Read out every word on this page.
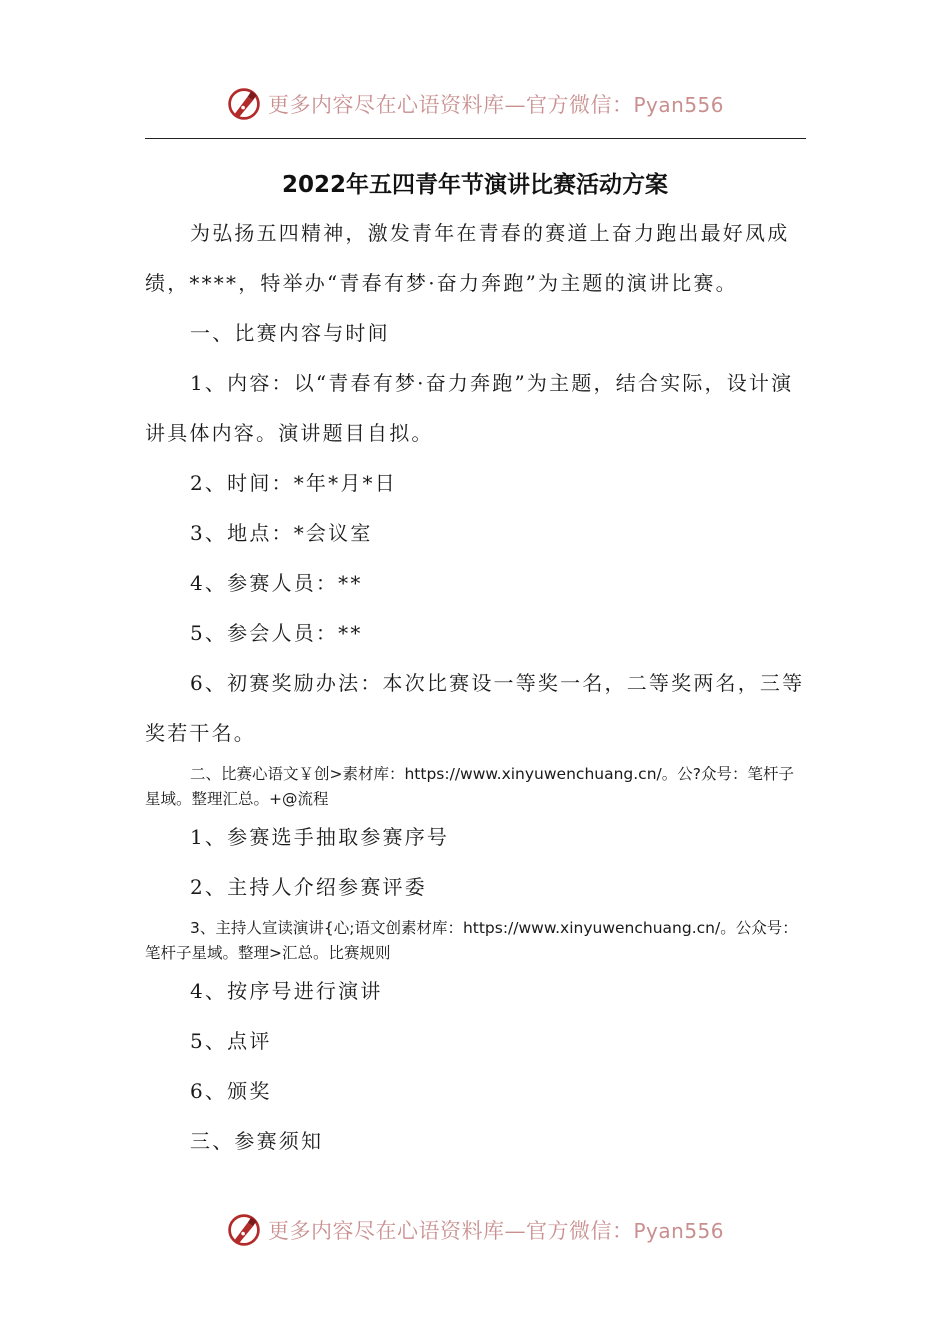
更多内容尽在心语资料库—官方微信：Pyan556
2022年五四青年节演讲比赛活动方案

为弘扬五四精神，激发青年在青春的赛道上奋力跑出最好凤成绩，****，特举办“青春有梦·奋力奔跑”为主题的演讲比赛。

一、比赛内容与时间

1、内容：以“青春有梦·奋力奔跑”为主题，结合实际，设计演讲具体内容。演讲题目自拟。

2、时间：*年*月*日

3、地点：*会议室

4、参赛人员：**

5、参会人员：**

6、初赛奖励办法：本次比赛设一等奖一名，二等奖两名，三等奖若干名。

二、比赛心语文￥创>素材库：https://www.xinyuwenchuang.cn/。公?众号：笔杆子星域。整理汇总。+@流程

1、参赛选手抽取参赛序号

2、主持人介绍参赛评委

3、主持人宣读演讲{心;语文创素材库：https://www.xinyuwenchuang.cn/。公众号：笔杆子星域。整理>汇总。比赛规则

4、按序号进行演讲

5、点评

6、颁奖

三、参赛须知

更多内容尽在心语资料库—官方微信：Pyan556
